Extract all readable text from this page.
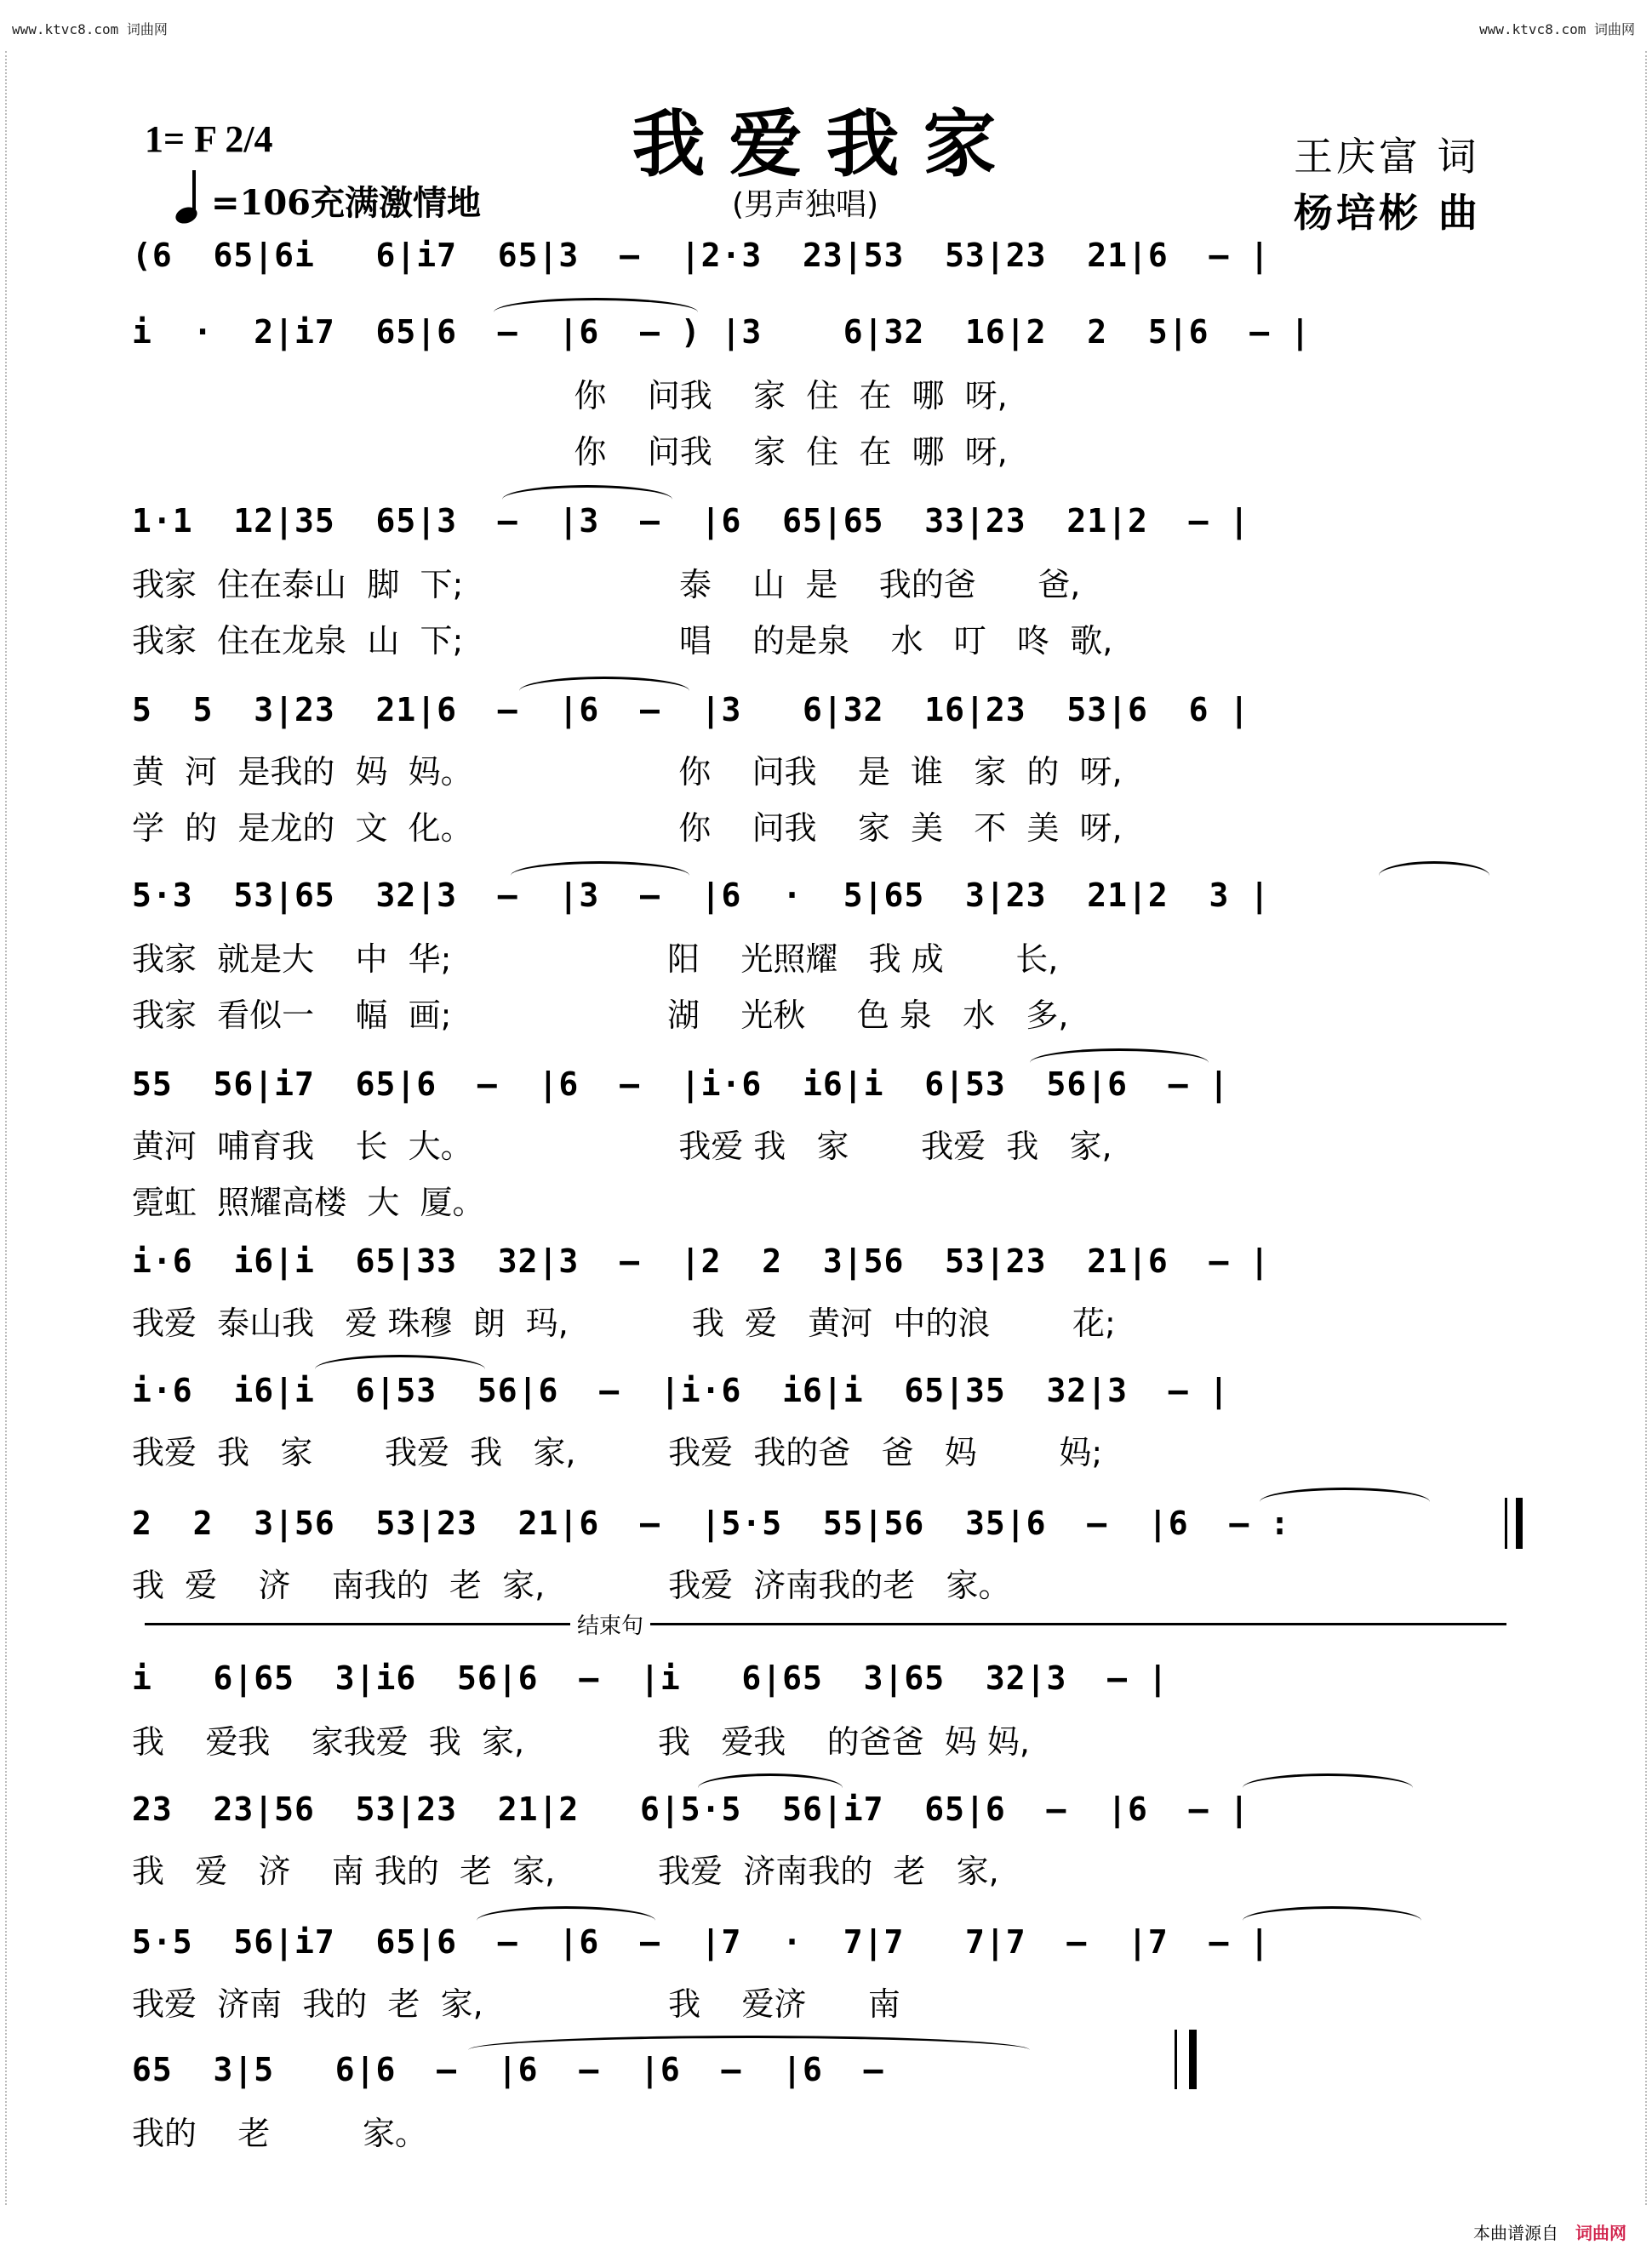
www.ktvc8.com 词曲网	www.ktvc8.com 词曲网
1= F 2/4
=106充满激情地
我爱我家
(男声独唱)
王庆富 词
杨培彬 曲
(6  65|6i   6|i7  65|3  —  |2·3  23|53  53|23  21|6  — |
i  ·  2|i7  65|6  —  |6  — ) |3    6|32  16|2  2  5|6  — |
你    问我    家  住  在  哪  呀,
你    问我    家  住  在  哪  呀,
1·1  12|35  65|3  —  |3  —  |6  65|65  33|23  21|2  — |
我家  住在泰山  脚  下;                     泰    山  是    我的爸      爸,
我家  住在龙泉  山  下;                     唱    的是泉    水   叮   咚  歌,
5  5  3|23  21|6  —  |6  —  |3   6|32  16|23  53|6  6 |
黄  河  是我的  妈  妈。                    你    问我    是  谁   家  的  呀,
学  的  是龙的  文  化。                    你    问我    家  美   不  美  呀,
5·3  53|65  32|3  —  |3  —  |6  ·  5|65  3|23  21|2  3 |
我家  就是大    中  华;                     阳    光照耀   我 成       长,
我家  看似一    幅  画;                     湖    光秋     色 泉   水   多,
55  56|i7  65|6  —  |6  —  |i·6  i6|i  6|53  56|6  — |
黄河  哺育我    长  大。                    我爱 我   家       我爱  我   家,
霓虹  照耀高楼  大  厦。
i·6  i6|i  65|33  32|3  —  |2  2  3|56  53|23  21|6  — |
我爱  泰山我   爱 珠穆  朗  玛,            我  爱   黄河  中的浪        花;
i·6  i6|i  6|53  56|6  —  |i·6  i6|i  65|35  32|3  — |
我爱  我   家       我爱  我   家,         我爱  我的爸   爸   妈        妈;
2  2  3|56  53|23  21|6  —  |5·5  55|56  35|6  —  |6  — :
我  爱    济    南我的  老  家,            我爱  济南我的老   家。
结束句
i   6|65  3|i6  56|6  —  |i   6|65  3|65  32|3  — |
我    爱我    家我爱  我  家,             我   爱我    的爸爸  妈 妈,
23  23|56  53|23  21|2   6|5·5  56|i7  65|6  —  |6  — |
我   爱   济    南 我的  老  家,          我爱  济南我的  老   家,
5·5  56|i7  65|6  —  |6  —  |7  ·  7|7   7|7  —  |7  — |
我爱  济南  我的  老  家,                  我    爱济      南
65  3|5   6|6  —  |6  —  |6  —  |6  —
我的    老         家。
本曲谱源自 词曲网
